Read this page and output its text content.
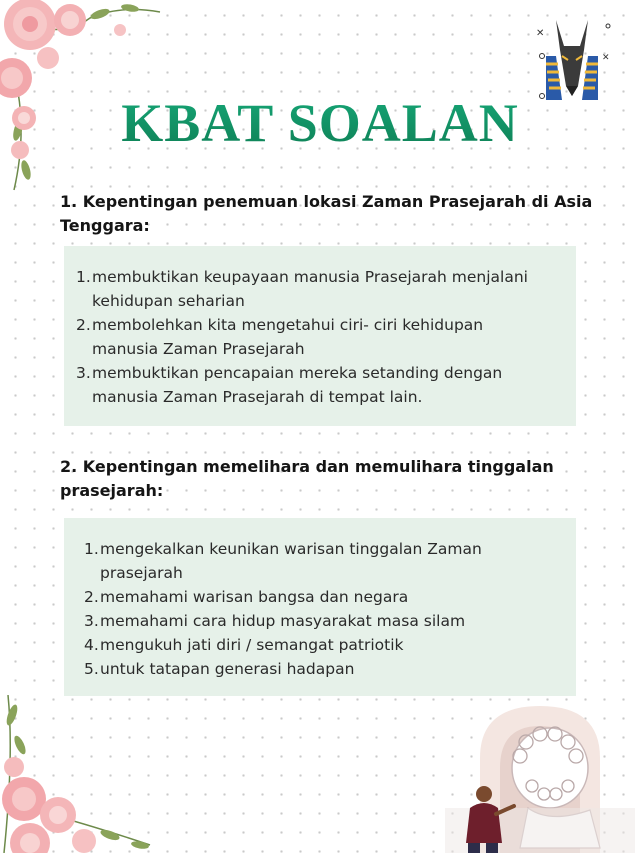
✕
✕
KBAT SOALAN
1. Kepentingan penemuan lokasi Zaman Prasejarah di Asia Tenggara:
1. membuktikan keupayaan manusia Prasejarah menjalani kehidupan seharian
2. membolehkan kita mengetahui ciri- ciri kehidupan manusia Zaman Prasejarah
3. membuktikan pencapaian mereka setanding dengan manusia Zaman Prasejarah di tempat lain.
2. Kepentingan memelihara dan memulihara tinggalan prasejarah:
1. mengekalkan keunikan warisan tinggalan Zaman prasejarah
2. memahami warisan bangsa dan negara
3. memahami cara hidup masyarakat masa silam
4. mengukuh jati diri / semangat patriotik
5. untuk tatapan generasi hadapan
